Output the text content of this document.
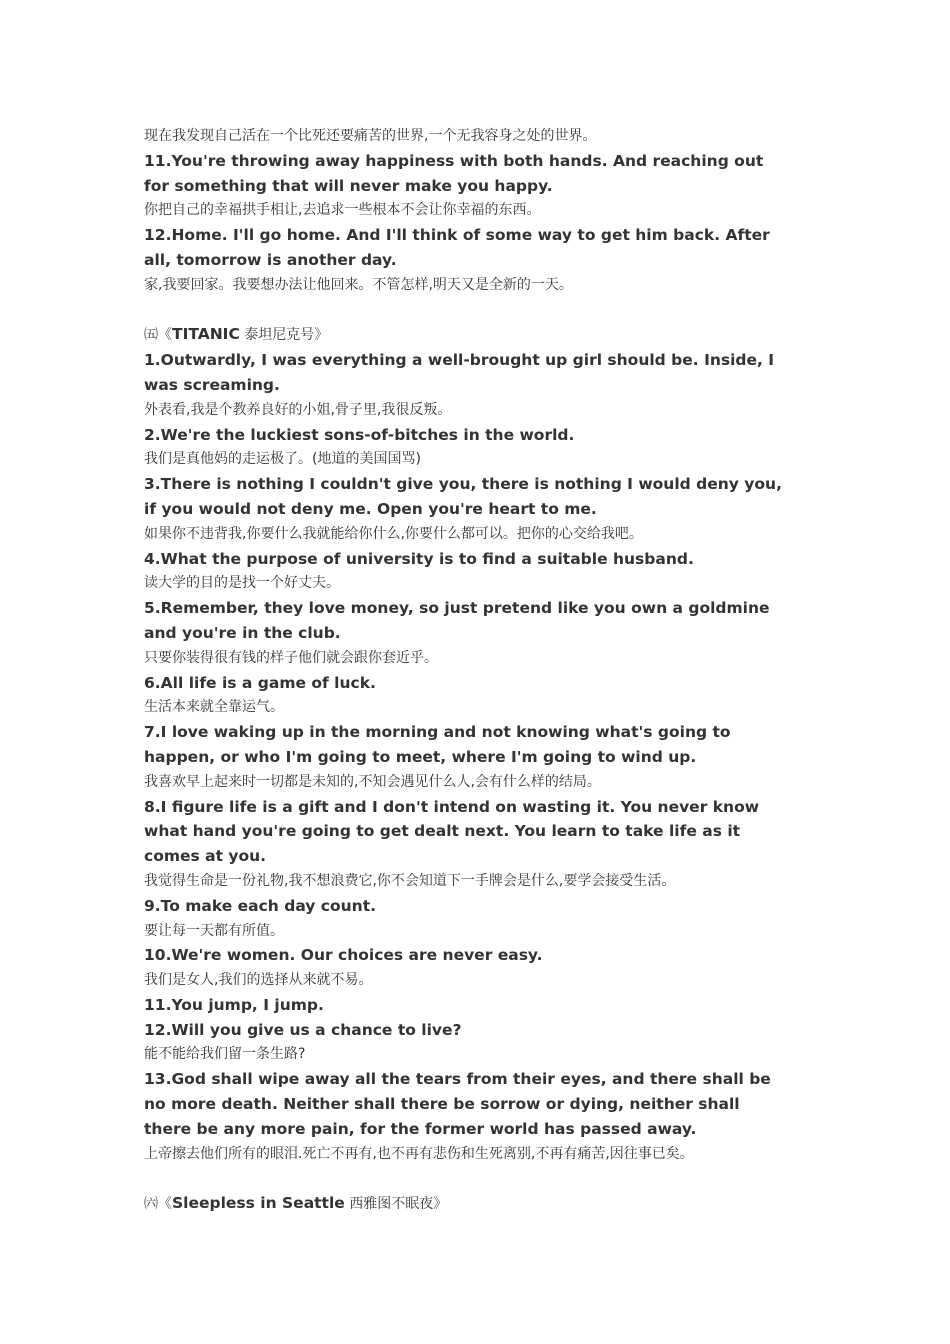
现在我发现自己活在一个比死还要痛苦的世界,一个无我容身之处的世界。
11.You're throwing away happiness with both hands. And reaching out
for something that will never make you happy.
你把自己的幸福拱手相让,去追求一些根本不会让你幸福的东西。
12.Home. I'll go home. And I'll think of some way to get him back. After
all, tomorrow is another day.
家,我要回家。我要想办法让他回来。不管怎样,明天又是全新的一天。
㈤《TITANIC 泰坦尼克号》
1.Outwardly, I was everything a well-brought up girl should be. Inside, I
was screaming.
外表看,我是个教养良好的小姐,骨子里,我很反叛。
2.We're the luckiest sons-of-bitches in the world.
我们是真他妈的走运极了。(地道的美国国骂)
3.There is nothing I couldn't give you, there is nothing I would deny you,
if you would not deny me. Open you're heart to me.
如果你不违背我,你要什么我就能给你什么,你要什么都可以。把你的心交给我吧。
4.What the purpose of university is to find a suitable husband.
读大学的目的是找一个好丈夫。
5.Remember, they love money, so just pretend like you own a goldmine
and you're in the club.
只要你装得很有钱的样子他们就会跟你套近乎。
6.All life is a game of luck.
生活本来就全靠运气。
7.I love waking up in the morning and not knowing what's going to
happen, or who I'm going to meet, where I'm going to wind up.
我喜欢早上起来时一切都是未知的,不知会遇见什么人,会有什么样的结局。
8.I figure life is a gift and I don't intend on wasting it. You never know
what hand you're going to get dealt next. You learn to take life as it
comes at you.
我觉得生命是一份礼物,我不想浪费它,你不会知道下一手牌会是什么,要学会接受生活。
9.To make each day count.
要让每一天都有所值。
10.We're women. Our choices are never easy.
我们是女人,我们的选择从来就不易。
11.You jump, I jump.
12.Will you give us a chance to live?
能不能给我们留一条生路?
13.God shall wipe away all the tears from their eyes, and there shall be
no more death. Neither shall there be sorrow or dying, neither shall
there be any more pain, for the former world has passed away.
上帝擦去他们所有的眼泪.死亡不再有,也不再有悲伤和生死离别,不再有痛苦,因往事已矣。
㈥《Sleepless in Seattle 西雅图不眠夜》
